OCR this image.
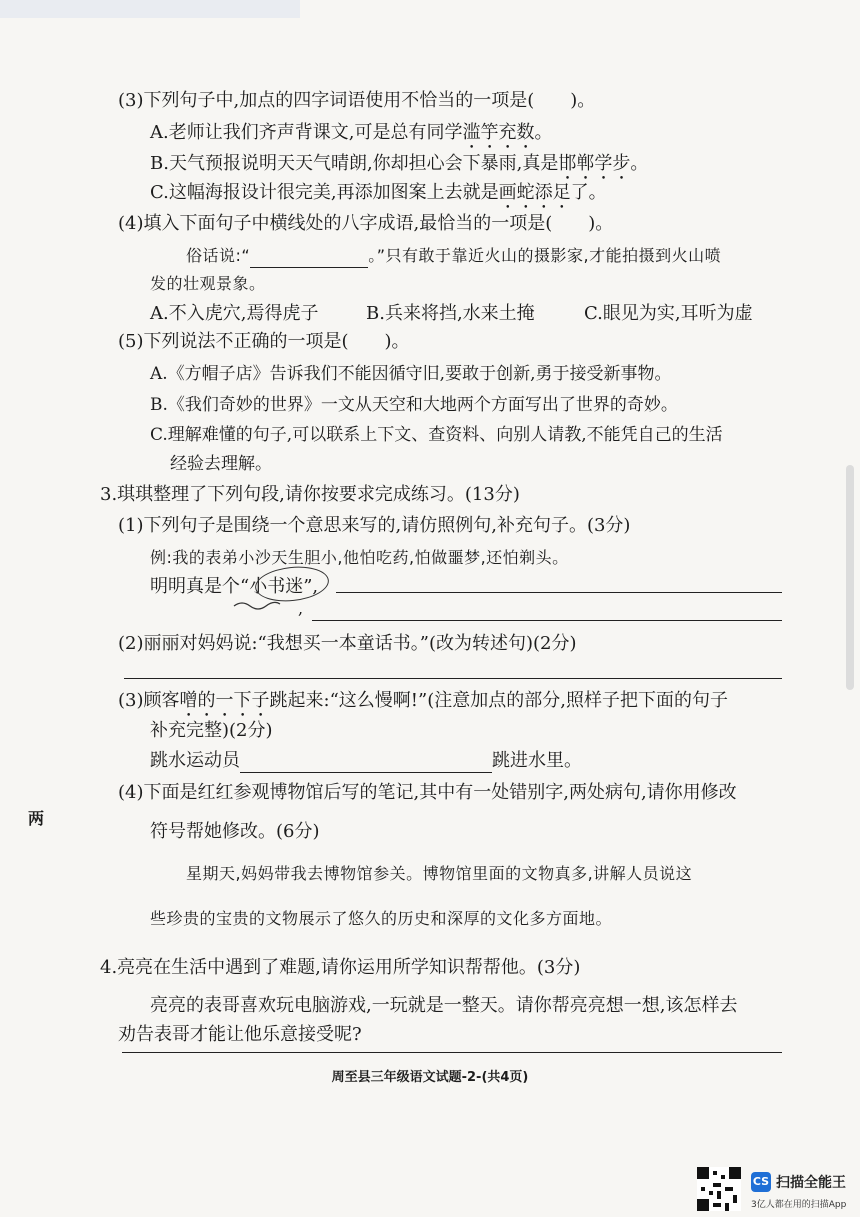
(3)下列句子中,加点的四字词语使用不恰当的一项是(　　)。
A.老师让我们齐声背课文,可是总有同学滥竽充数。
B.天气预报说明天天气晴朗,你却担心会下暴雨,真是邯郸学步。
C.这幅海报设计很完美,再添加图案上去就是画蛇添足了。
(4)填入下面句子中横线处的八字成语,最恰当的一项是(　　)。
俗话说:“	。”只有敢于靠近火山的摄影家,才能拍摄到火山喷
发的壮观景象。
A.不入虎穴,焉得虎子	B.兵来将挡,水来土掩	C.眼见为实,耳听为虚
(5)下列说法不正确的一项是(　　)。
A.《方帽子店》告诉我们不能因循守旧,要敢于创新,勇于接受新事物。
B.《我们奇妙的世界》一文从天空和大地两个方面写出了世界的奇妙。
C.理解难懂的句子,可以联系上下文、查资料、向别人请教,不能凭自己的生活
经验去理解。
3.琪琪整理了下列句段,请你按要求完成练习。(13分)
(1)下列句子是围绕一个意思来写的,请仿照例句,补充句子。(3分)
例:我的表弟小沙天生胆小,他怕吃药,怕做噩梦,还怕剃头。
明明真是个“小书迷”,
,
(2)丽丽对妈妈说:“我想买一本童话书。”(改为转述句)(2分)
(3)顾客噌的一下子跳起来:“这么慢啊!”(注意加点的部分,照样子把下面的句子
补充完整)(2分)
跳水运动员	跳进水里。
(4)下面是红红参观博物馆后写的笔记,其中有一处错别字,两处病句,请你用修改
符号帮她修改。(6分)
星期天,妈妈带我去博物馆参关。博物馆里面的文物真多,讲解人员说这
些珍贵的宝贵的文物展示了悠久的历史和深厚的文化多方面地。
4.亮亮在生活中遇到了难题,请你运用所学知识帮帮他。(3分)
亮亮的表哥喜欢玩电脑游戏,一玩就是一整天。请你帮亮亮想一想,该怎样去
劝告表哥才能让他乐意接受呢?
两
周至县三年级语文试题-2-(共4页)
CS 扫描全能王
3亿人都在用的扫描App
